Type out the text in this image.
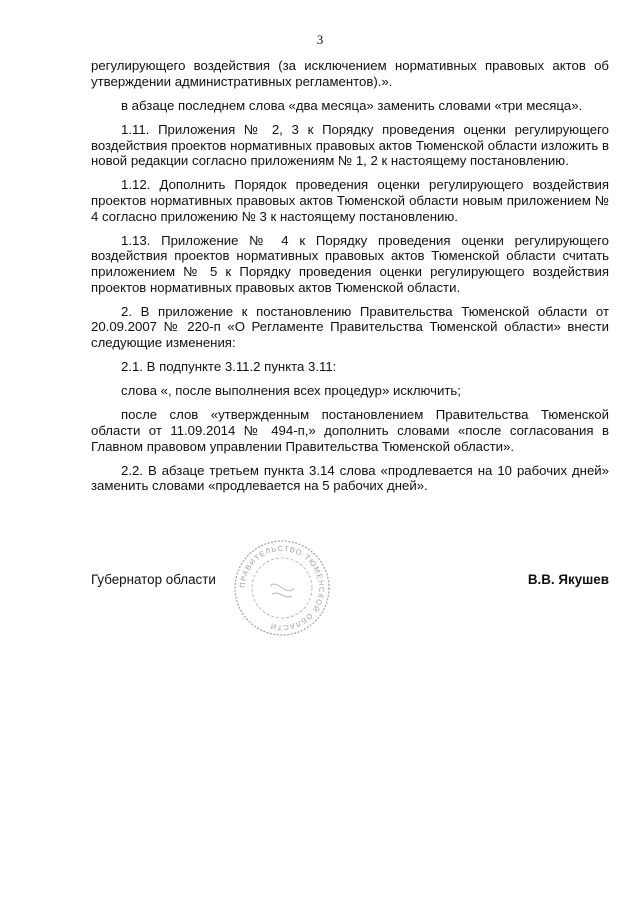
3

регулирующего воздействия (за исключением нормативных правовых актов об утверждении административных регламентов).».

в абзаце последнем слова «два месяца» заменить словами «три месяца».

1.11. Приложения № 2, 3 к Порядку проведения оценки регулирующего воздействия проектов нормативных правовых актов Тюменской области изложить в новой редакции согласно приложениям № 1, 2 к настоящему постановлению.

1.12. Дополнить Порядок проведения оценки регулирующего воздействия проектов нормативных правовых актов Тюменской области новым приложением № 4 согласно приложению № 3 к настоящему постановлению.

1.13. Приложение № 4 к Порядку проведения оценки регулирующего воздействия проектов нормативных правовых актов Тюменской области считать приложением № 5 к Порядку проведения оценки регулирующего воздействия проектов нормативных правовых актов Тюменской области.

2. В приложение к постановлению Правительства Тюменской области от 20.09.2007 № 220-п «О Регламенте Правительства Тюменской области» внести следующие изменения:

2.1. В подпункте 3.11.2 пункта 3.11:

слова «, после выполнения всех процедур» исключить;

после слов «утвержденным постановлением Правительства Тюменской области от 11.09.2014 № 494-п,» дополнить словами «после согласования в Главном правовом управлении Правительства Тюменской области».

2.2. В абзаце третьем пункта 3.14 слова «продлевается на 10 рабочих дней» заменить словами «продлевается на 5 рабочих дней».

ПРАВИТЕЛЬСТВО ТЮМЕНСКОЙ ОБЛАСТИ
Губернатор области	В.В. Якушев
